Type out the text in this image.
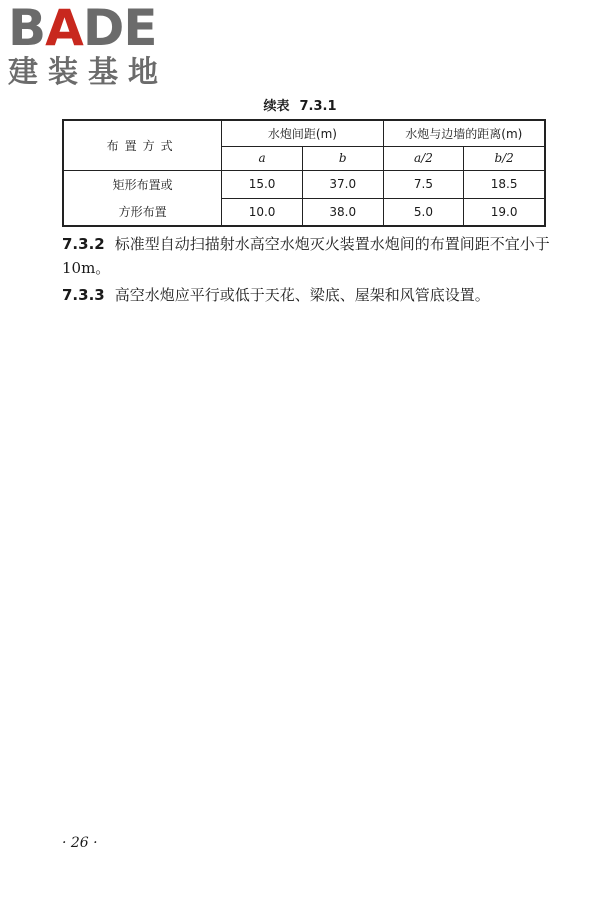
BADE
建装基地
续表 7.3.1
布置方式	水炮间距(m)		水炮与边墙的距离(m)	
	a	b	a/2	b/2
矩形布置或	15.0	37.0	7.5	18.5
方形布置	10.0	38.0	5.0	19.0
7.3.2 标准型自动扫描射水高空水炮灭火装置水炮间的布置间距不宜小于10m。
7.3.3 高空水炮应平行或低于天花、梁底、屋架和风管底设置。
· 26 ·
